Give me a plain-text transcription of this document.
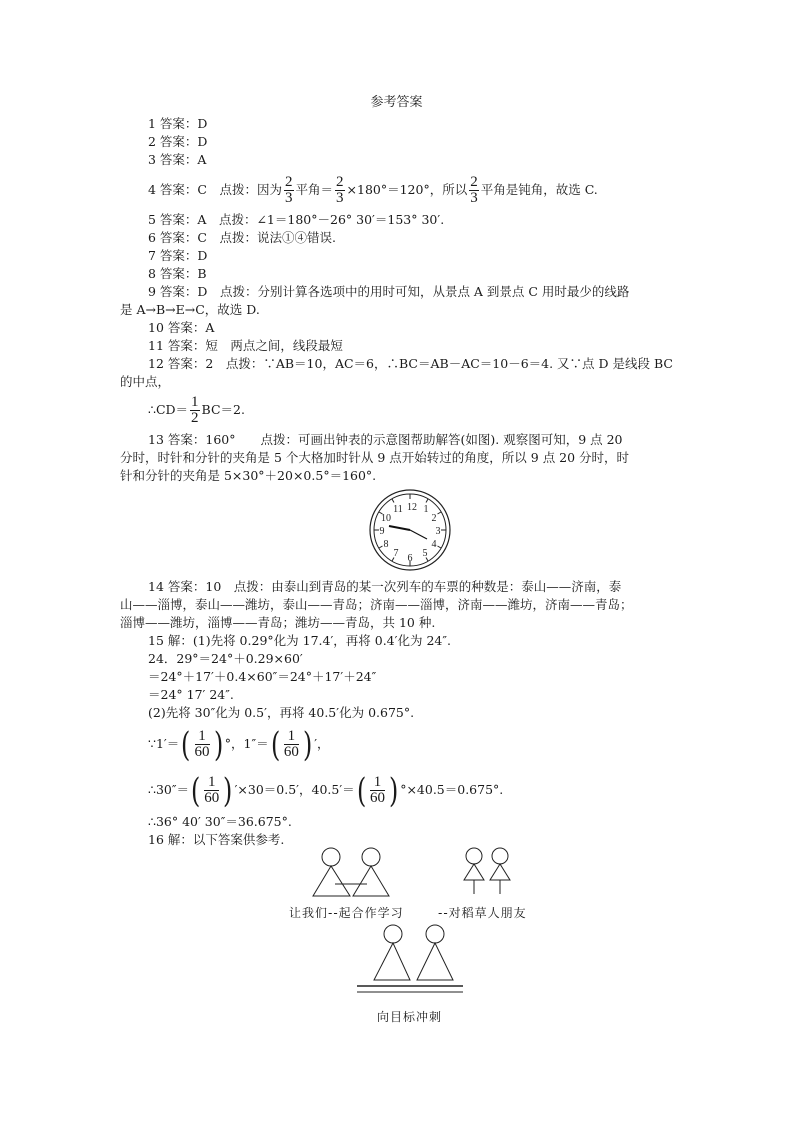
参考答案
1 答案：D
2 答案：D
3 答案：A
4 答案：C　点拨：因为 $\frac{2}{3}$ 平角＝ $\frac{2}{3} \times 180^\circ=120^\circ$，所以 $\frac{2}{3}$ 平角是钝角，故选 C.
5 答案：A　点拨：∠1＝180°－26° 30′＝153° 30′.
6 答案：C　点拨：说法①④错误.
7 答案：D
8 答案：B
9 答案：D　点拨：分别计算各选项中的用时可知，从景点 A 到景点 C 用时最少的线路
是 A→B→E→C，故选 D.
10 答案：A
11 答案：短　两点之间，线段最短
12 答案：2　点拨：∵AB＝10，AC＝6，∴BC＝AB－AC＝10－6＝4. 又∵点 D 是线段 BC
的中点，
∴CD＝ $\frac{1}{2} BC=2$.
13 答案：160°　　点拨：可画出钟表的示意图帮助解答(如图). 观察图可知，9 点 20
分时，时针和分针的夹角是 5 个大格加时针从 9 点开始转过的角度，所以 9 点 20 分时，时
针和分针的夹角是 5×30°＋20×0.5°＝160°.
12 1
2
3
4
5
6
7
8
9
10
11
14 答案：10　点拨：由泰山到青岛的某一次列车的车票的种数是：泰山——济南，泰
山——淄博，泰山——潍坊，泰山——青岛；济南——淄博，济南——潍坊，济南——青岛；
淄博——潍坊，淄博——青岛；潍坊——青岛，共 10 种.
15 解：(1)先将 0.29°化为 17.4′，再将 0.4′化为 24″.
24．29°＝24°＋0.29×60′
＝24°＋17′＋0.4×60″＝24°＋17′＋24″
＝24° 17′ 24″.
(2)先将 30″化为 0.5′，再将 40.5′化为 0.675°.
∵1′＝( $\frac{1}{60}$ ) °，$1''=( \frac{1}{60}$ ) ′，
∴30″＝( $\frac{1}{60}$ ) ′×30＝0.5′，$40.5'=( \frac{1}{60}$ ) °×40.5＝0.675°.
∴36° 40′ 30″＝36.675°.
16 解：以下答案供参考.
让我们--起合作学习	--对稻草人朋友
向目标冲刺
